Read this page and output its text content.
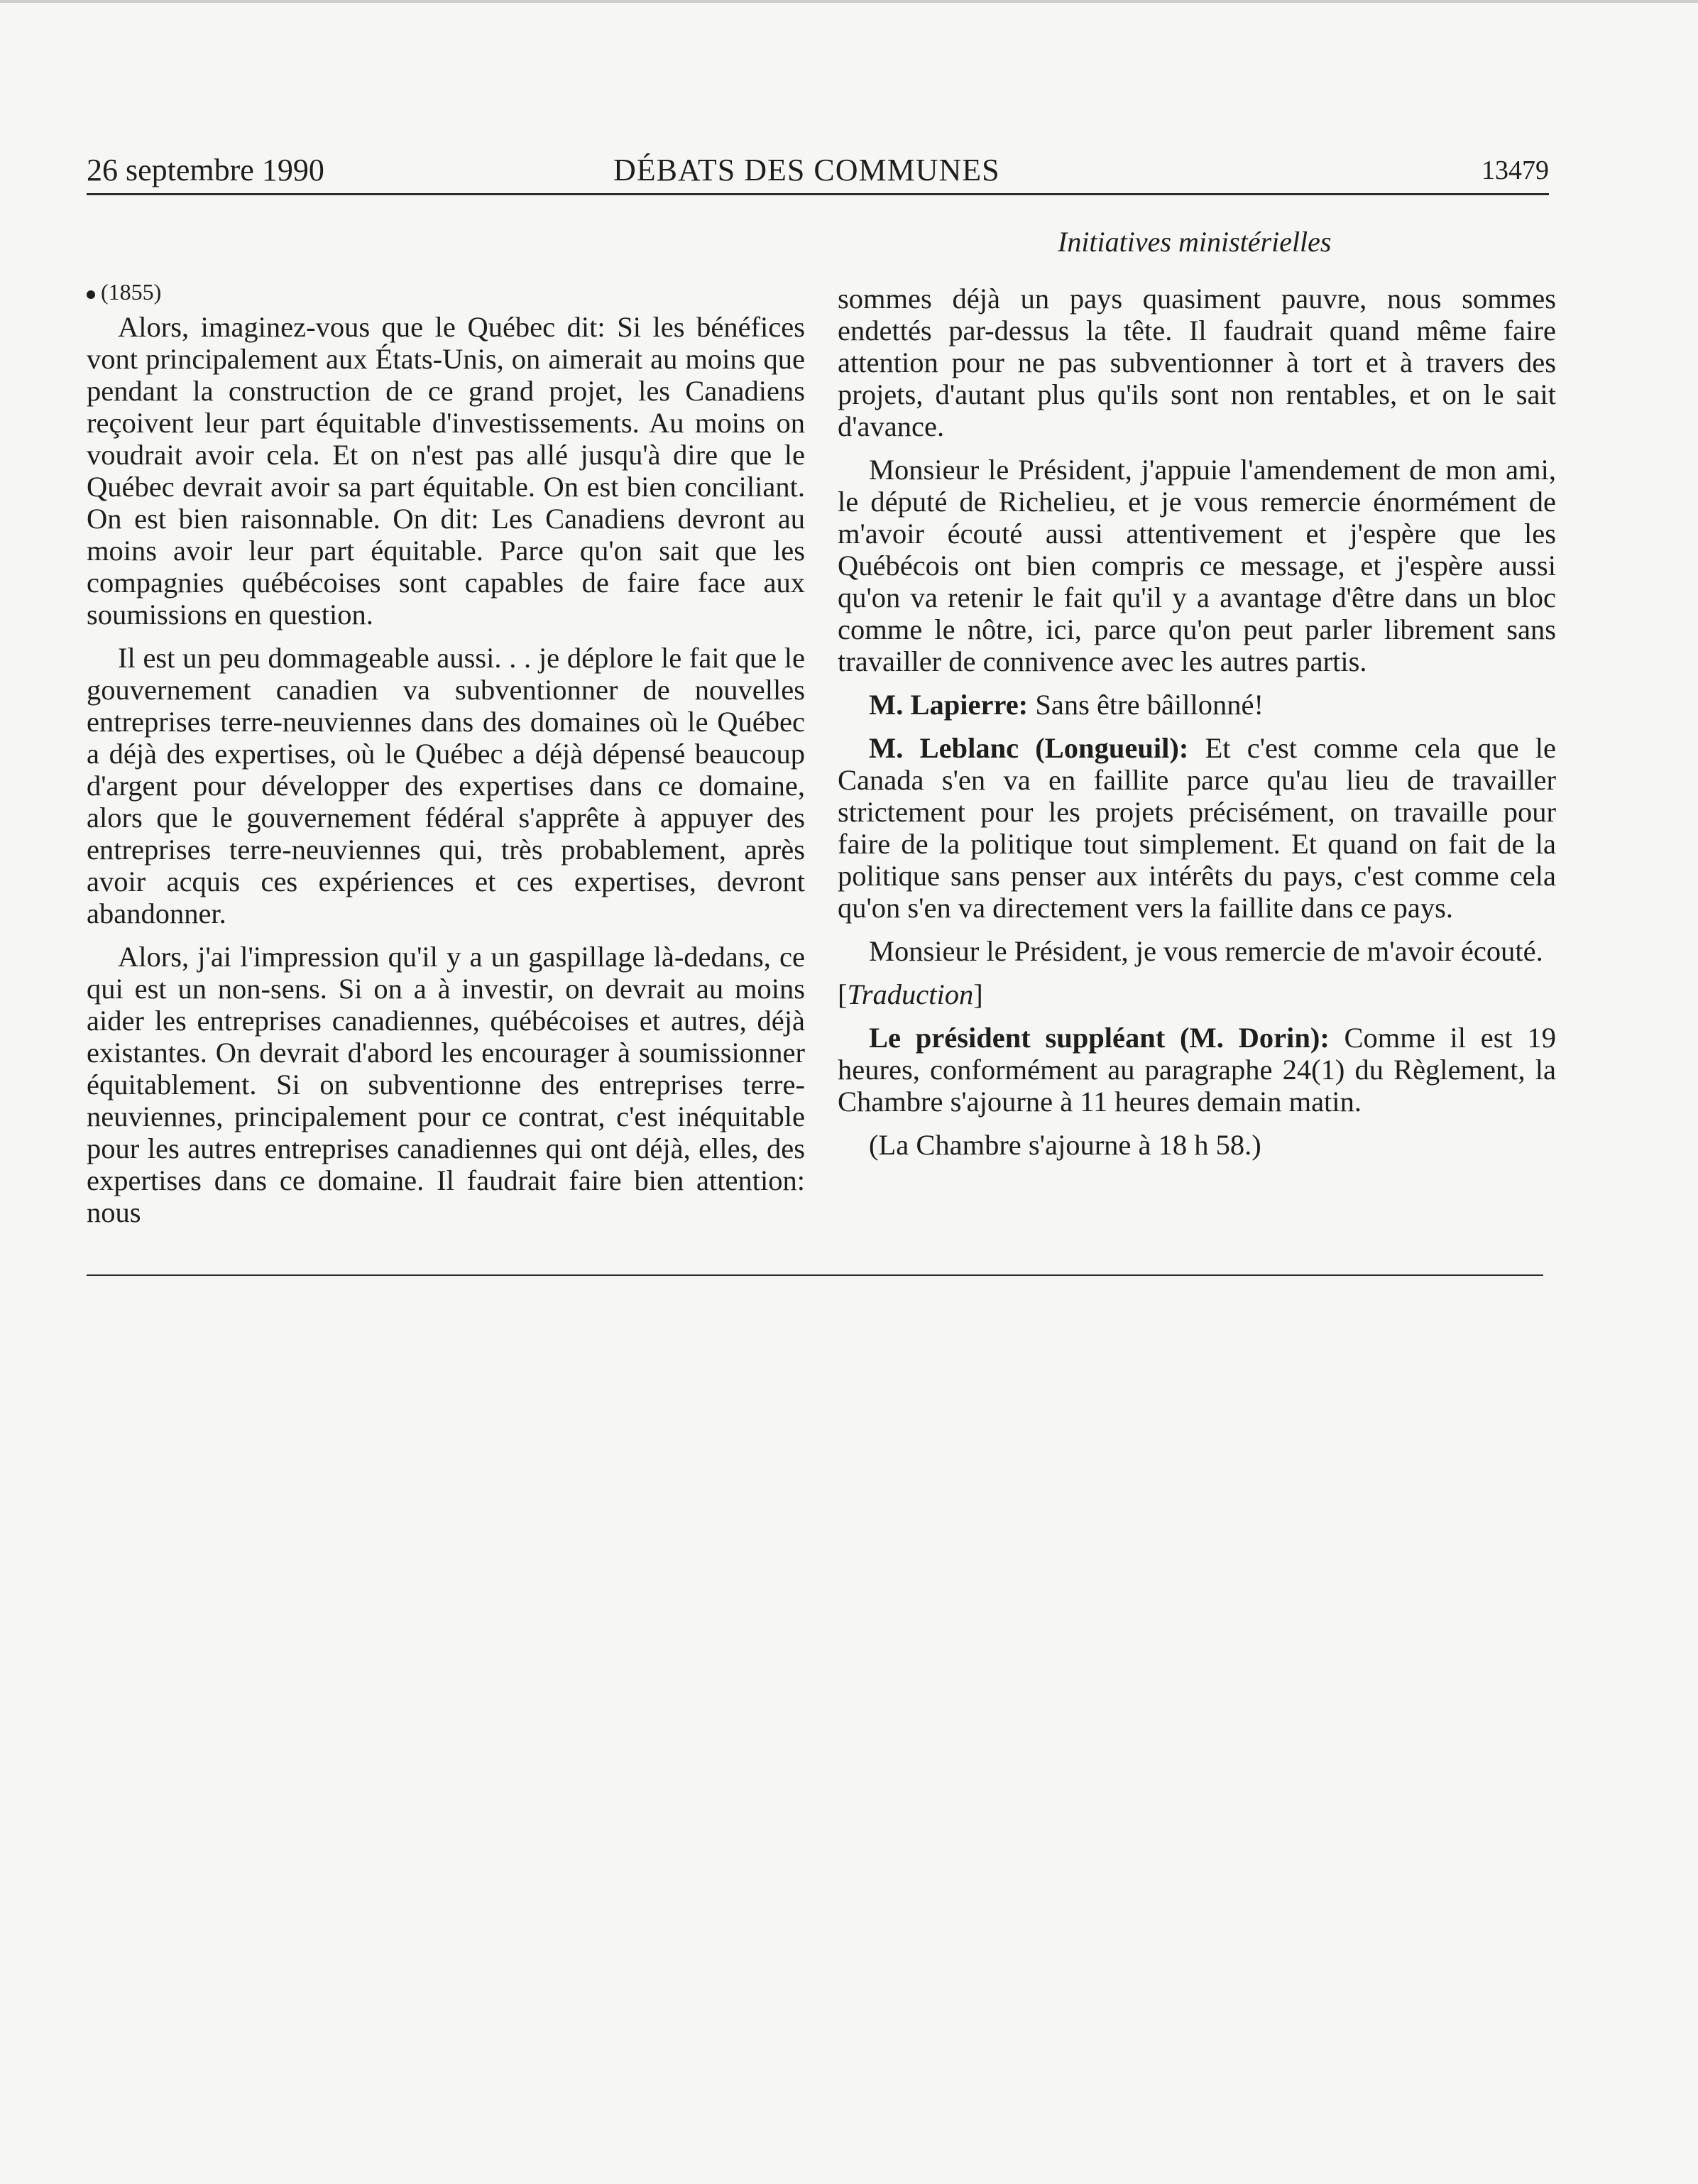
26 septembre 1990	DÉBATS DES COMMUNES	13479
Initiatives ministérielles
(1855)

Alors, imaginez-vous que le Québec dit: Si les bénéfices vont principalement aux États-Unis, on aimerait au moins que pendant la construction de ce grand projet, les Canadiens reçoivent leur part équitable d'investissements. Au moins on voudrait avoir cela. Et on n'est pas allé jusqu'à dire que le Québec devrait avoir sa part équitable. On est bien conciliant. On est bien raisonnable. On dit: Les Canadiens devront au moins avoir leur part équitable. Parce qu'on sait que les compagnies québécoises sont capables de faire face aux soumissions en question.

Il est un peu dommageable aussi. . . je déplore le fait que le gouvernement canadien va subventionner de nouvelles entreprises terre-neuviennes dans des domaines où le Québec a déjà des expertises, où le Québec a déjà dépensé beaucoup d'argent pour développer des expertises dans ce domaine, alors que le gouvernement fédéral s'apprête à appuyer des entreprises terre-neuviennes qui, très probablement, après avoir acquis ces expériences et ces expertises, devront abandonner.

Alors, j'ai l'impression qu'il y a un gaspillage là-dedans, ce qui est un non-sens. Si on a à investir, on devrait au moins aider les entreprises canadiennes, québécoises et autres, déjà existantes. On devrait d'abord les encourager à soumissionner équitablement. Si on subventionne des entreprises terre-neuviennes, principalement pour ce contrat, c'est inéquitable pour les autres entreprises canadiennes qui ont déjà, elles, des expertises dans ce domaine. Il faudrait faire bien attention: nous

sommes déjà un pays quasiment pauvre, nous sommes endettés par-dessus la tête. Il faudrait quand même faire attention pour ne pas subventionner à tort et à travers des projets, d'autant plus qu'ils sont non rentables, et on le sait d'avance.

Monsieur le Président, j'appuie l'amendement de mon ami, le député de Richelieu, et je vous remercie énormément de m'avoir écouté aussi attentivement et j'espère que les Québécois ont bien compris ce message, et j'espère aussi qu'on va retenir le fait qu'il y a avantage d'être dans un bloc comme le nôtre, ici, parce qu'on peut parler librement sans travailler de connivence avec les autres partis.

M. Lapierre: Sans être bâillonné!

M. Leblanc (Longueuil): Et c'est comme cela que le Canada s'en va en faillite parce qu'au lieu de travailler strictement pour les projets précisément, on travaille pour faire de la politique tout simplement. Et quand on fait de la politique sans penser aux intérêts du pays, c'est comme cela qu'on s'en va directement vers la faillite dans ce pays.

Monsieur le Président, je vous remercie de m'avoir écouté.

[Traduction]

Le président suppléant (M. Dorin): Comme il est 19 heures, conformément au paragraphe 24(1) du Règlement, la Chambre s'ajourne à 11 heures demain matin.

(La Chambre s'ajourne à 18 h 58.)
